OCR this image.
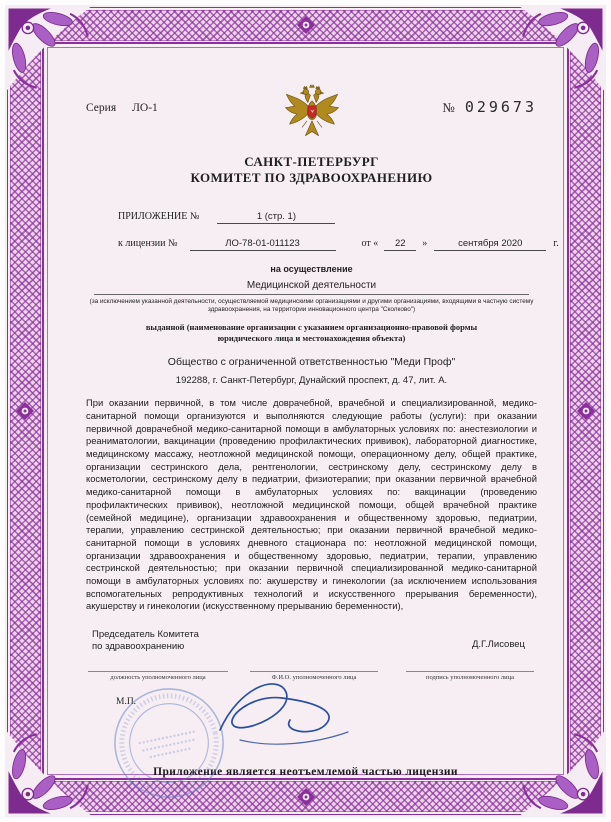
Серия ЛО-1	№ 029673
САНКТ-ПЕТЕРБУРГ
КОМИТЕТ ПО ЗДРАВООХРАНЕНИЮ
ПРИЛОЖЕНИЕ №	1 (стр. 1)
к лицензии №	ЛО-78-01-011123	от « 22 »	сентября 2020	г.
на осуществление
Медицинской деятельности
(за исключением указанной деятельности, осуществляемой медицинскими организациями и другими организациями, входящими в частную систему здравоохранения, на территории инновационного центра "Сколково")
выданной (наименование организации с указанием организационно-правовой формы юридического лица и местонахождения объекта)
Общество с ограниченной ответственностью "Меди Проф"
192288, г. Санкт-Петербург, Дунайский проспект, д. 47, лит. А.
При оказании первичной, в том числе доврачебной, врачебной и специализированной, медико-санитарной помощи организуются и выполняются следующие работы (услуги): при оказании первичной доврачебной медико-санитарной помощи в амбулаторных условиях по: анестезиологии и реаниматологии, вакцинации (проведению профилактических прививок), лабораторной диагностике, медицинскому массажу, неотложной медицинской помощи, операционному делу, общей практике, организации сестринского дела, рентгенологии, сестринскому делу, сестринскому делу в косметологии, сестринскому делу в педиатрии, физиотерапии; при оказании первичной врачебной медико-санитарной помощи в амбулаторных условиях по: вакцинации (проведению профилактических прививок), неотложной медицинской помощи, общей врачебной практике (семейной медицине), организации здравоохранения и общественному здоровью, педиатрии, терапии, управлению сестринской деятельностью; при оказании первичной врачебной медико-санитарной помощи в условиях дневного стационара по: неотложной медицинской помощи, организации здравоохранения и общественному здоровью, педиатрии, терапии, управлению сестринской деятельностью; при оказании первичной специализированной медико-санитарной помощи в амбулаторных условиях по: акушерству и гинекологии (за исключением использования вспомогательных репродуктивных технологий и искусственного прерывания беременности), акушерству и гинекологии (искусственному прерыванию беременности),
Председатель Комитета
по здравоохранению	Д.Г.Лисовец
должность уполномоченного лица	Ф.И.О. уполномоченного лица	подпись уполномоченного лица
М.П.
Приложение является неотъемлемой частью лицензии
